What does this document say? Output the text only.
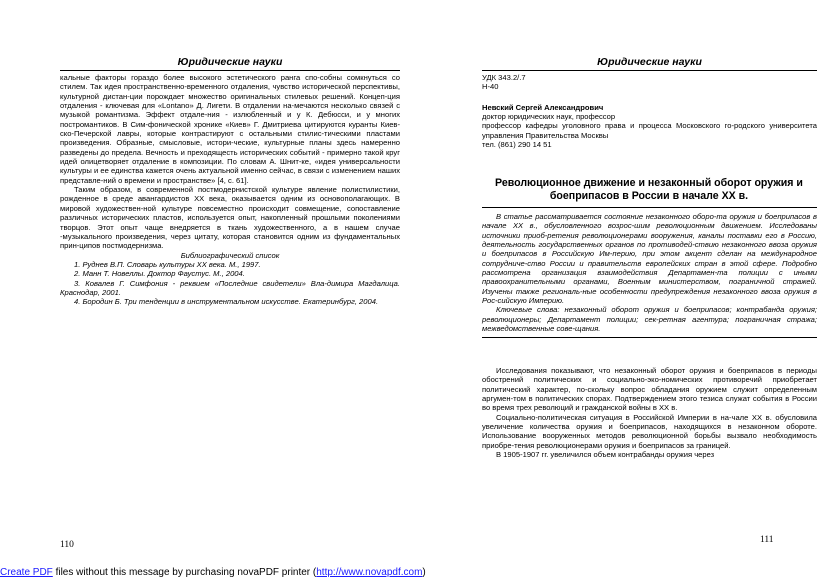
Юридические науки

кальные факторы гораздо более высокого эстетического ранга спо-собны сомкнуться со стилем. Так идея пространственно-временного отдаления, чувство исторической перспективы, культурной дистан-ции порождает множество оригинальных стилевых решений. Концеп-ция отдаления - ключевая для «Lontano» Д. Лигети. В отдалении на-мечаются несколько связей с музыкой романтизма. Эффект отдале-ния - излюбленный и у К. Дебюсси, и у многих постромантиков. В Сим-фонической хронике «Киев» Г. Дмитриева цитируются куранты Киев-ско-Печерской лавры, которые контрастируют с остальными стилис-тическими пластами произведения. Образные, смысловые, истори-ческие, культурные планы здесь намеренно разведены до предела. Вечность и преходящесть исторических событий - примерно такой круг идей олицетворяет отдаление в композиции. По словам А. Шнит-ке, «идея универсальности культуры и ее единства кажется очень актуальной именно сейчас, в связи с изменением наших представле-ний о времени и пространстве» [4, с. 61].

Таким образом, в современной постмодернистской культуре явление полистилистики, рожденное в среде авангардистов XX века, оказывается одним из основополагающих. В мировой художествен-ной культуре повсеместно происходит совмещение, сопоставление различных исторических пластов, используется опыт, накопленный прошлыми поколениями творцов. Этот опыт чаще внедряется в ткань художественного, а в нашем случае -музыкального произведения, через цитату, которая становится одним из фундаментальных прин-ципов постмодернизма.

Библиографический список

1. Руднев В.П. Словарь культуры XX века. М., 1997.

2. Манн Т. Новеллы. Доктор Фаустус. М., 2004.

3. Ковалев Г. Симфония - реквием «Последние свидетели» Вла-димира Магдалица. Краснодар, 2001.

4. Бородин Б. Три тенденции в инструментальном искусстве. Екатеринбург, 2004.

110
Юридические науки
УДК 343.2/.7
Н-40
Невский Сергей Александрович
доктор юридических наук, профессор
профессор кафедры уголовного права и процесса Московского го-родского университета управления Правительства Москвы
тел. (861) 290 14 51
Революционное движение и незаконный оборот оружия и боеприпасов в России в начале XX в.

В статье рассматривается состояние незаконного оборо-та оружия и боеприпасов в начале XX в., обусловленного возрос-шим революционным движением. Исследованы источники приоб-ретения революционерами вооружения, каналы поставки его в Россию, деятельность государственных органов по противодей-ствию незаконного ввоза оружия и боеприпасов в Российскую Им-перию, при этом акцент сделан на международное сотрудниче-ство России и правительств европейских стран в этой сфере. Подробно рассмотрена организация взаимодействия Департамен-та полиции с иными правоохранительными органами, Военным министерством, пограничной стражей. Изучены также региональ-ные особенности предупреждения незаконного ввоза оружия в Рос-сийскую Империю.

Ключевые слова: незаконный оборот оружия и боеприпасов; контрабанда оружия; революционеры; Департамент полиции; сек-ретная агентура; пограничная стража; межведомственные сове-щания.

Исследования показывают, что незаконный оборот оружия и боеприпасов в периоды обострений политических и социально-эко-номических противоречий приобретает политический характер, по-скольку вопрос обладания оружием служит определенным аргумен-том в политических спорах. Подтверждением этого тезиса служат события в России во время трех революций и гражданской войны в XX в.

Социально-политическая ситуация в Российской Империи в на-чале XX в. обусловила увеличение количества оружия и боеприпасов, находящихся в незаконном обороте. Использование вооруженных методов революционной борьбы вызвало необходимость приобре-тения революционерами оружия и боеприпасов за границей.

В 1905-1907 гг. увеличился объем контрабанды оружия через

111
Create PDF files without this message by purchasing novaPDF printer (http://www.novapdf.com)
